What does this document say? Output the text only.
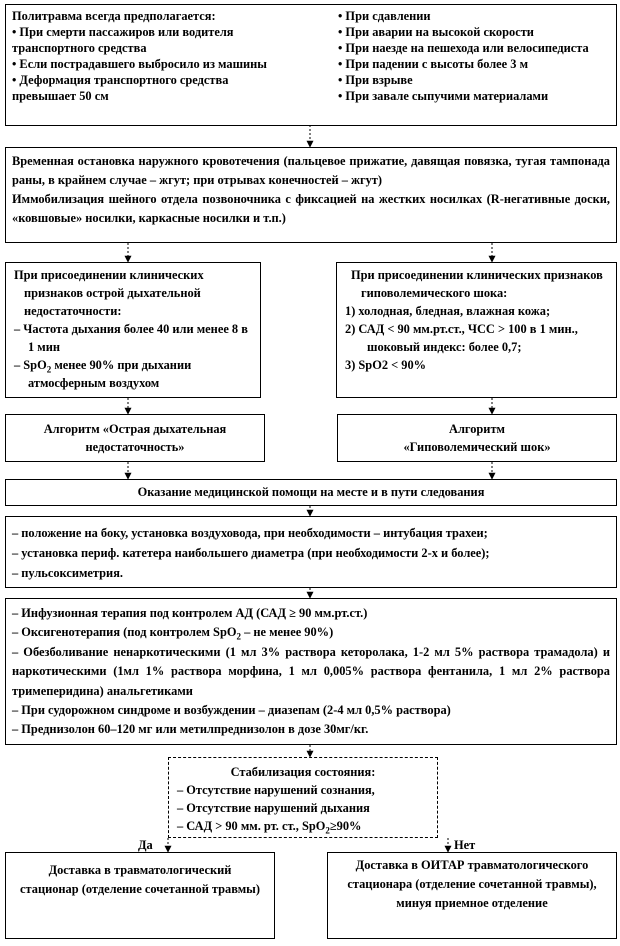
Политравма всегда предполагается:
• При смерти пассажиров или водителя транспортного средства
• Если пострадавшего выбросило из машины
• Деформация транспортного средства превышает 50 см
• При сдавлении
• При аварии на высокой скорости
• При наезде на пешехода или велосипедиста
• При падении с высоты более 3 м
• При взрыве
• При завале сыпучими материалами
Временная остановка наружного кровотечения (пальцевое прижатие, давящая повязка, тугая тампонада раны, в крайнем случае – жгут; при отрывах конечностей – жгут)
Иммобилизация шейного отдела позвоночника с фиксацией на жестких носилках (R-негативные доски, «ковшовые» носилки, каркасные носилки и т.п.)
При присоединении клинических признаков острой дыхательной недостаточности:
– Частота дыхания более 40 или менее 8 в 1 мин
– SpO$_2$ менее 90% при дыхании атмосферным воздухом
При присоединении клинических признаков гиповолемического шока:
1) холодная, бледная, влажная кожа;
2) САД < 90 мм.рт.ст., ЧСС > 100 в 1 мин., шоковый индекс: более 0,7;
3) SpO2 < 90%
Алгоритм «Острая дыхательная недостаточность»
Алгоритм
«Гиповолемический шок»
Оказание медицинской помощи на месте и в пути следования
– положение на боку, установка воздуховода, при необходимости – интубация трахеи;
– установка периф. катетера наибольшего диаметра (при необходимости 2-х и более);
– пульсоксиметрия.
– Инфузионная терапия под контролем АД (САД ≥ 90 мм.рт.ст.)
– Оксигенотерапия (под контролем SpO$_2$ – не менее 90%)
– Обезболивание ненаркотическими (1 мл 3% раствора кеторолака, 1-2 мл 5% раствора трамадола) и наркотическими (1мл 1% раствора морфина, 1 мл 0,005% раствора фентанила, 1 мл 2% раствора тримеперидина) анальгетиками
– При судорожном синдроме и возбуждении – диазепам (2-4 мл 0,5% раствора)
– Преднизолон 60–120 мг или метилпреднизолон в дозе 30мг/кг.
Стабилизация состояния:
– Отсутствие нарушений сознания,
– Отсутствие нарушений дыхания
– САД > 90 мм. рт. ст., SpO$_2$≥90%
Да	Нет
Доставка в травматологический стационар (отделение сочетанной травмы)
Доставка в ОИТАР травматологического стационара (отделение сочетанной травмы), минуя приемное отделение
